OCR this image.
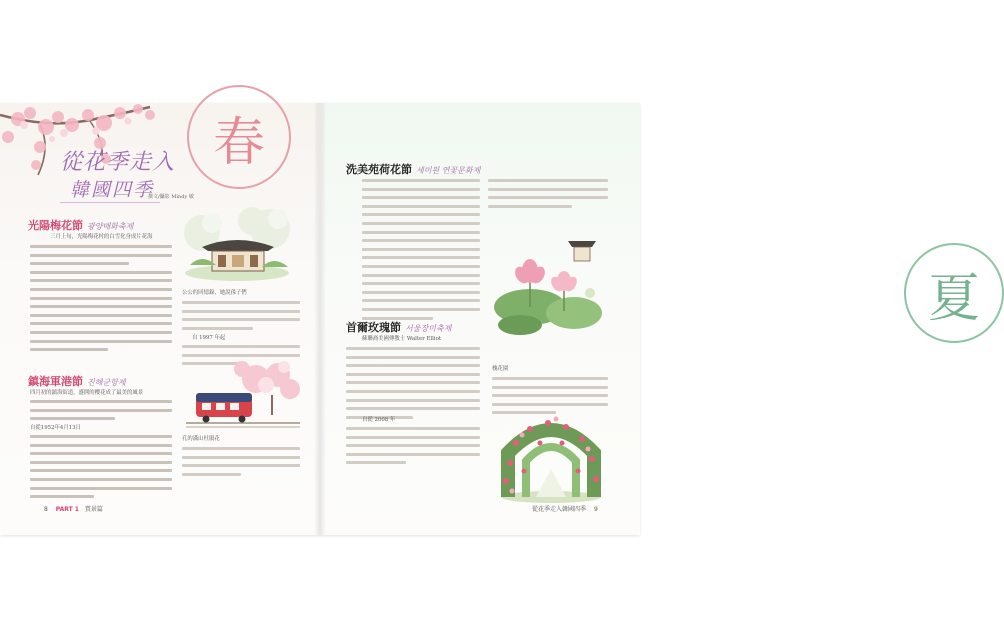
春
從花季走入
韓國四季
撰文/攝影 Mindy 敏
光陽梅花節 광양매화축제
三月上旬，光陽梅花村的白雪化身成片花海
鎮海軍港節 진해군항제
四月初的鎮海街道，盛開的櫻花成了最美的風景
自從1952年4月13日
公公的回憶錄，她說孫子們
自 1997 年起
孔的滿山杜鵑花
8 PART 1 賞景篇
洗美苑荷花節 세미원 연꽃문화제
首爾玫瑰節 서울장미축제
蘇聯裔美國傳教士 Walter Elliot
自從 2008 年
夏
槐花園
從花季走入韓國四季 9
